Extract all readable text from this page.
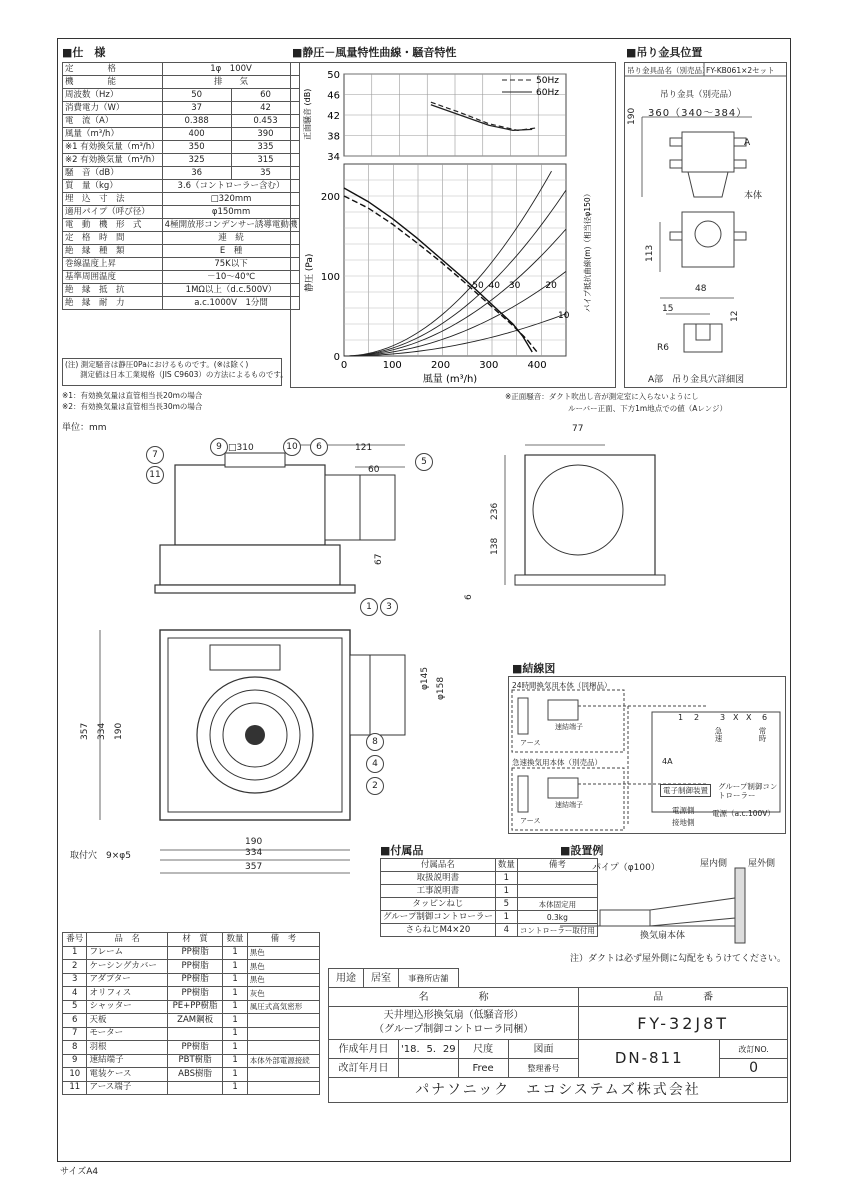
■仕　様
定　　　　格	1φ　100V	
機　　　　能	排　　気	
周波数（Hz）	50	60
消費電力（W）	37	42
電　流（A）	0.388	0.453
風量（m³/h）	400	390
※1 有効換気量（m³/h）	350	335
※2 有効換気量（m³/h）	325	315
騒　音（dB）	36	35
質　量（kg）	3.6（コントローラー含む）	
埋　込　寸　法	□320mm	
適用パイプ（呼び径）	φ150mm	
電　動　機　形　式	4極開放形コンデンサー誘導電動機	
定　格　時　間	連　続	
絶　縁　種　類	E　種	
巻線温度上昇	75K以下	
基準周囲温度	－10～40℃	
絶　縁　抵　抗	1MΩ以上（d.c.500V）	
絶　縁　耐　力	a.c.1000V　1分間	
(注) 測定騒音は静圧0Paにおけるものです。(※は除く)
　　測定値は日本工業規格（JIS C9603）の方法によるものです。
※1：有効換気量は直管相当長20mの場合
※2：有効換気量は直管相当長30mの場合
■静圧－風量特性曲線・騒音特性
50
46
42
38
34
50Hz
60Hz
正面騒音 (dB)
200
100
0
0	100	200	300	400
50 40 30	20
10
静圧 (Pa)
風量 (m³/h)
パイプ抵抗曲線(m)（相当径φ150）
※正面騒音：ダクト吹出し音が測定室に入らないようにし
ルーバー正面、下方1m地点での値（Aレンジ）
■吊り金具位置
吊り金具品名（別売品）
FY-KB061×2セット
吊り金具（別売品）
360（340～384）
190
A
本体
113
48
15
12
R6
A部　吊り金具穴詳細図
単位：mm
□310	121
60
67
77
236
138
6
φ145 φ158
357 334 190
190
334
357
取付穴　9×φ5
7
11
9	10	6
5
1	3
8
4
2
■結線図
24時間換気用本体（同梱品）
急速換気用本体（別売品）
アース
アース
速結端子
速結端子
1 2	3 X X 6
急速	常時
4A
電子制御装置	グループ制御コントローラー
電源側
接地側
電源（a.c.100V）
■付属品
付属品名	数量	備考
取扱説明書	1	
工事説明書	1	
タッピンねじ	5	本体固定用
グループ制御コントローラー	1	0.3kg
さらねじM4×20	4	コントローラー取付用
■設置例
屋内側 屋外側
パイプ（φ100）
換気扇本体
注）ダクトは必ず屋外側に勾配をもうけてください。
番号	品　名	材　質	数量	備　考
1	フレーム	PP樹脂	1	黒色
2	ケーシングカバー	PP樹脂	1	黒色
3	アダプター	PP樹脂	1	黒色
4	オリフィス	PP樹脂	1	灰色
5	シャッター	PE+PP樹脂	1	風圧式高気密形
6	天板	ZAM鋼板	1	
7	モーター		1	
8	羽根	PP樹脂	1	
9	速結端子	PBT樹脂	1	本体外部電源接続
10	電装ケース	ABS樹脂	1	
11	アース端子		1	
用途	居室	事務所店舗				
名　　　　　称					品　　　　番	

天井埋込形換気扇（低騒音形）
（グループ制御コントローラ同梱）					FY-32J8T	

作成年月日		'18．5．29	尺度	図面	DN-811	改訂NO.
改訂年月日			Free	整理番号		0
パナソニック　エコシステムズ株式会社						
サイズA4
